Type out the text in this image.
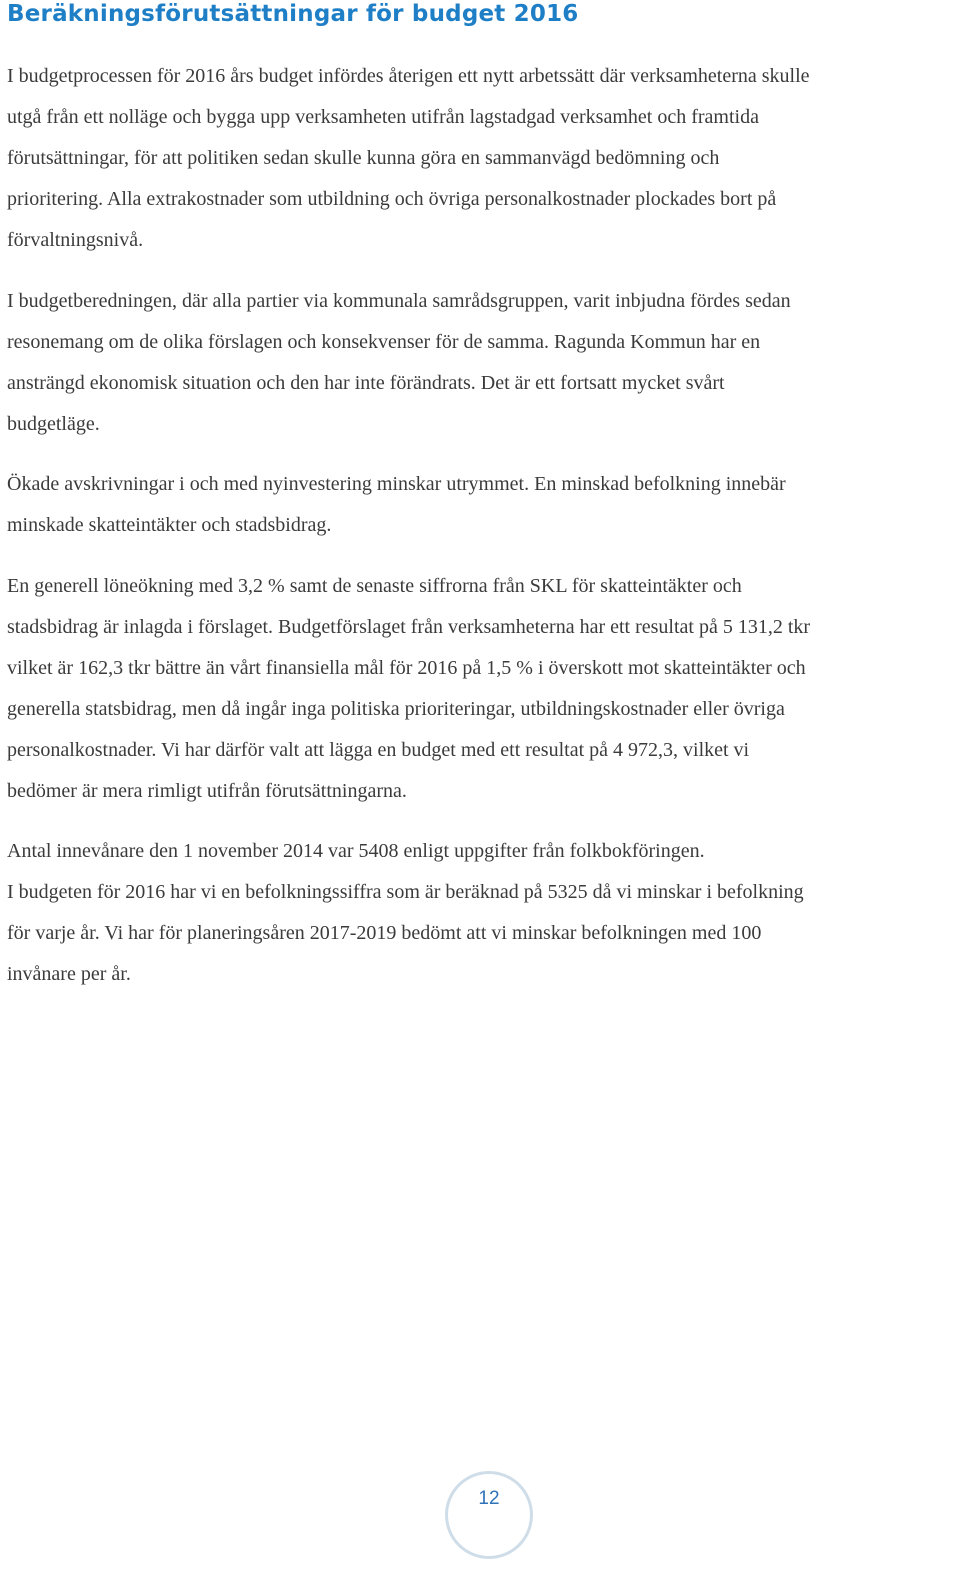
Beräkningsförutsättningar för budget 2016

I budgetprocessen för 2016 års budget infördes återigen ett nytt arbetssätt där verksamheterna skulle
utgå från ett nolläge och bygga upp verksamheten utifrån lagstadgad verksamhet och framtida
förutsättningar, för att politiken sedan skulle kunna göra en sammanvägd bedömning och
prioritering. Alla extrakostnader som utbildning och övriga personalkostnader plockades bort på
förvaltningsnivå.

I budgetberedningen, där alla partier via kommunala samrådsgruppen, varit inbjudna fördes sedan
resonemang om de olika förslagen och konsekvenser för de samma. Ragunda Kommun har en
ansträngd ekonomisk situation och den har inte förändrats. Det är ett fortsatt mycket svårt
budgetläge.

Ökade avskrivningar i och med nyinvestering minskar utrymmet. En minskad befolkning innebär
minskade skatteintäkter och stadsbidrag.

En generell löneökning med 3,2 % samt de senaste siffrorna från SKL för skatteintäkter och
stadsbidrag är inlagda i förslaget. Budgetförslaget från verksamheterna har ett resultat på 5 131,2 tkr
vilket är 162,3 tkr bättre än vårt finansiella mål för 2016 på 1,5 % i överskott mot skatteintäkter och
generella statsbidrag, men då ingår inga politiska prioriteringar, utbildningskostnader eller övriga
personalkostnader. Vi har därför valt att lägga en budget med ett resultat på 4 972,3, vilket vi
bedömer är mera rimligt utifrån förutsättningarna.

Antal innevånare den 1 november 2014 var 5408 enligt uppgifter från folkbokföringen.
I budgeten för 2016 har vi en befolkningssiffra som är beräknad på 5325 då vi minskar i befolkning
för varje år. Vi har för planeringsåren 2017-2019 bedömt att vi minskar befolkningen med 100
invånare per år.

12
